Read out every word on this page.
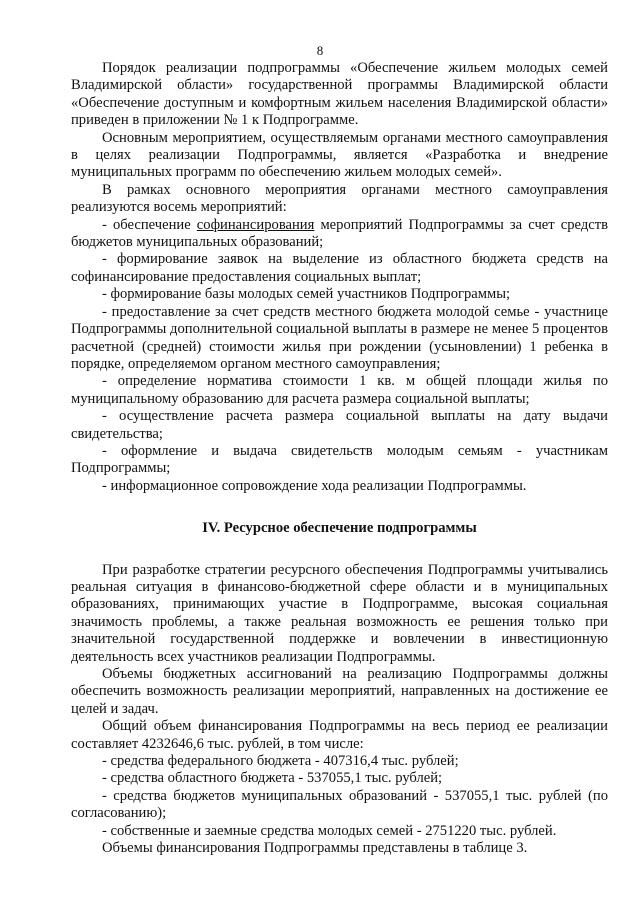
8

Порядок реализации подпрограммы «Обеспечение жильем молодых семей Владимирской области» государственной программы Владимирской области «Обеспечение доступным и комфортным жильем населения Владимирской области» приведен в приложении № 1 к Подпрограмме.

Основным мероприятием, осуществляемым органами местного самоуправления в целях реализации Подпрограммы, является «Разработка и внедрение муниципальных программ по обеспечению жильем молодых семей».

В рамках основного мероприятия органами местного самоуправления реализуются восемь мероприятий:

- обеспечение софинансирования мероприятий Подпрограммы за счет средств бюджетов муниципальных образований;

- формирование заявок на выделение из областного бюджета средств на софинансирование предоставления социальных выплат;

- формирование базы молодых семей участников Подпрограммы;

- предоставление за счет средств местного бюджета молодой семье - участнице Подпрограммы дополнительной социальной выплаты в размере не менее 5 процентов расчетной (средней) стоимости жилья при рождении (усыновлении) 1 ребенка в порядке, определяемом органом местного самоуправления;

- определение норматива стоимости 1 кв. м общей площади жилья по муниципальному образованию для расчета размера социальной выплаты;

- осуществление расчета размера социальной выплаты на дату выдачи свидетельства;

- оформление и выдача свидетельств молодым семьям - участникам Подпрограммы;

- информационное сопровождение хода реализации Подпрограммы.

IV. Ресурсное обеспечение подпрограммы

При разработке стратегии ресурсного обеспечения Подпрограммы учитывались реальная ситуация в финансово-бюджетной сфере области и в муниципальных образованиях, принимающих участие в Подпрограмме, высокая социальная значимость проблемы, а также реальная возможность ее решения только при значительной государственной поддержке и вовлечении в инвестиционную деятельность всех участников реализации Подпрограммы.

Объемы бюджетных ассигнований на реализацию Подпрограммы должны обеспечить возможность реализации мероприятий, направленных на достижение ее целей и задач.

Общий объем финансирования Подпрограммы на весь период ее реализации составляет 4232646,6 тыс. рублей, в том числе:

- средства федерального бюджета - 407316,4 тыс. рублей;

- средства областного бюджета - 537055,1 тыс. рублей;

- средства бюджетов муниципальных образований - 537055,1 тыс. рублей (по согласованию);

- собственные и заемные средства молодых семей - 2751220 тыс. рублей.

Объемы финансирования Подпрограммы представлены в таблице 3.
